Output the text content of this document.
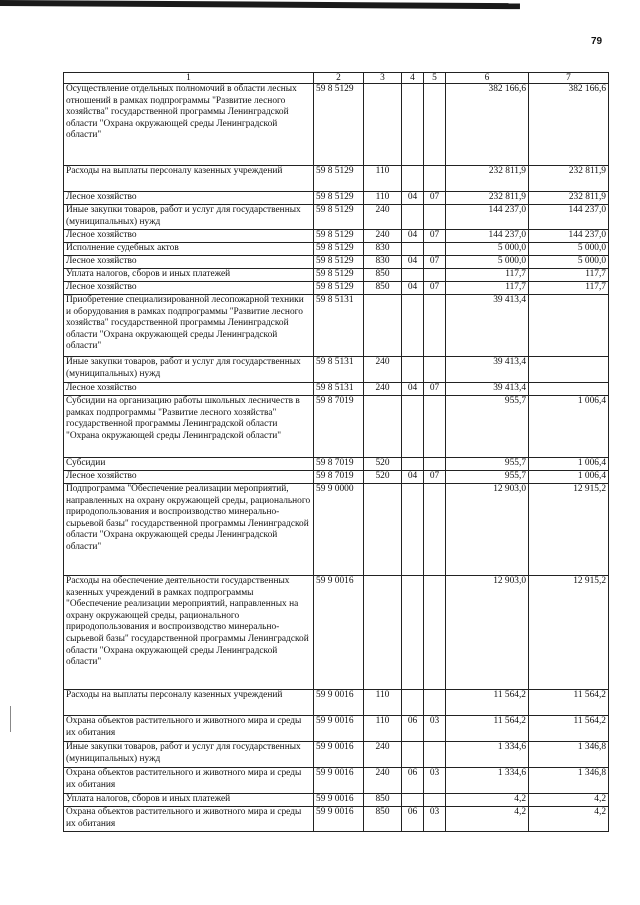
79
1	2	3	4	5	6	7
Осуществление отдельных полномочий в области лесных отношений в рамках подпрограммы "Развитие лесного хозяйства" государственной программы Ленинградской области "Охрана окружающей среды Ленинградской области"	59 8 5129				382 166,6	382 166,6
Расходы на выплаты персоналу казенных учреждений	59 8 5129	110			232 811,9	232 811,9
Лесное хозяйство	59 8 5129	110	04	07	232 811,9	232 811,9
Иные закупки товаров, работ и услуг для государственных (муниципальных) нужд	59 8 5129	240			144 237,0	144 237,0
Лесное хозяйство	59 8 5129	240	04	07	144 237,0	144 237,0
Исполнение судебных актов	59 8 5129	830			5 000,0	5 000,0
Лесное хозяйство	59 8 5129	830	04	07	5 000,0	5 000,0
Уплата налогов, сборов и иных платежей	59 8 5129	850			117,7	117,7
Лесное хозяйство	59 8 5129	850	04	07	117,7	117,7
Приобретение специализированной лесопожарной техники и оборудования в рамках подпрограммы "Развитие лесного хозяйства" государственной программы Ленинградской области "Охрана окружающей среды Ленинградской области"	59 8 5131				39 413,4	
Иные закупки товаров, работ и услуг для государственных (муниципальных) нужд	59 8 5131	240			39 413,4	
Лесное хозяйство	59 8 5131	240	04	07	39 413,4	
Субсидии на организацию работы школьных лесничеств в рамках подпрограммы "Развитие лесного хозяйства" государственной программы Ленинградской области "Охрана окружающей среды Ленинградской области"	59 8 7019				955,7	1 006,4
Субсидии	59 8 7019	520			955,7	1 006,4
Лесное хозяйство	59 8 7019	520	04	07	955,7	1 006,4
Подпрограмма "Обеспечение реализации мероприятий, направленных на охрану окружающей среды, рационального природопользования и воспроизводство минерально-сырьевой базы" государственной программы Ленинградской области "Охрана окружающей среды Ленинградской области"	59 9 0000				12 903,0	12 915,2
Расходы на обеспечение деятельности государственных казенных учреждений в рамках подпрограммы "Обеспечение реализации мероприятий, направленных на охрану окружающей среды, рационального природопользования и воспроизводство минерально-сырьевой базы" государственной программы Ленинградской области "Охрана окружающей среды Ленинградской области"	59 9 0016				12 903,0	12 915,2
Расходы на выплаты персоналу казенных учреждений	59 9 0016	110			11 564,2	11 564,2
Охрана объектов растительного и животного мира и среды их обитания	59 9 0016	110	06	03	11 564,2	11 564,2
Иные закупки товаров, работ и услуг для государственных (муниципальных) нужд	59 9 0016	240			1 334,6	1 346,8
Охрана объектов растительного и животного мира и среды их обитания	59 9 0016	240	06	03	1 334,6	1 346,8
Уплата налогов, сборов и иных платежей	59 9 0016	850			4,2	4,2
Охрана объектов растительного и животного мира и среды их обитания	59 9 0016	850	06	03	4,2	4,2
